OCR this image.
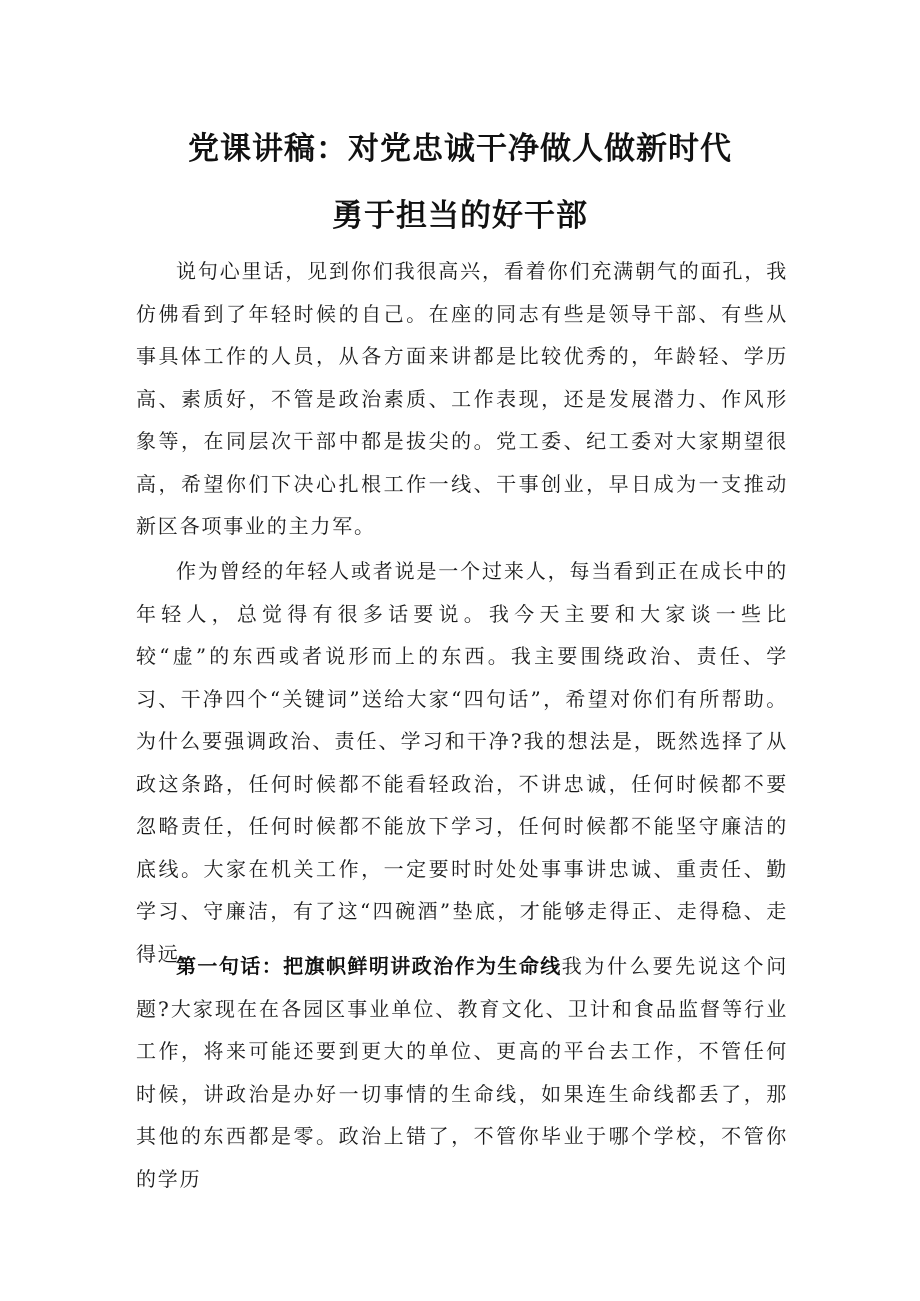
党课讲稿：对党忠诚干净做人做新时代
勇于担当的好干部

说句心里话，见到你们我很高兴，看着你们充满朝气的面孔，我仿佛看到了年轻时候的自己。在座的同志有些是领导干部、有些从事具体工作的人员，从各方面来讲都是比较优秀的，年龄轻、学历高、素质好，不管是政治素质、工作表现，还是发展潜力、作风形象等，在同层次干部中都是拔尖的。党工委、纪工委对大家期望很高，希望你们下决心扎根工作一线、干事创业，早日成为一支推动新区各项事业的主力军。

作为曾经的年轻人或者说是一个过来人，每当看到正在成长中的年轻人，总觉得有很多话要说。我今天主要和大家谈一些比较“虚”的东西或者说形而上的东西。我主要围绕政治、责任、学习、干净四个“关键词”送给大家“四句话”，希望对你们有所帮助。为什么要强调政治、责任、学习和干净?我的想法是，既然选择了从政这条路，任何时候都不能看轻政治，不讲忠诚，任何时候都不要忽略责任，任何时候都不能放下学习，任何时候都不能坚守廉洁的底线。大家在机关工作，一定要时时处处事事讲忠诚、重责任、勤学习、守廉洁，有了这“四碗酒”垫底，才能够走得正、走得稳、走得远。

第一句话：把旗帜鲜明讲政治作为生命线我为什么要先说这个问题?大家现在在各园区事业单位、教育文化、卫计和食品监督等行业工作，将来可能还要到更大的单位、更高的平台去工作，不管任何时候，讲政治是办好一切事情的生命线，如果连生命线都丢了，那其他的东西都是零。政治上错了，不管你毕业于哪个学校，不管你的学历
